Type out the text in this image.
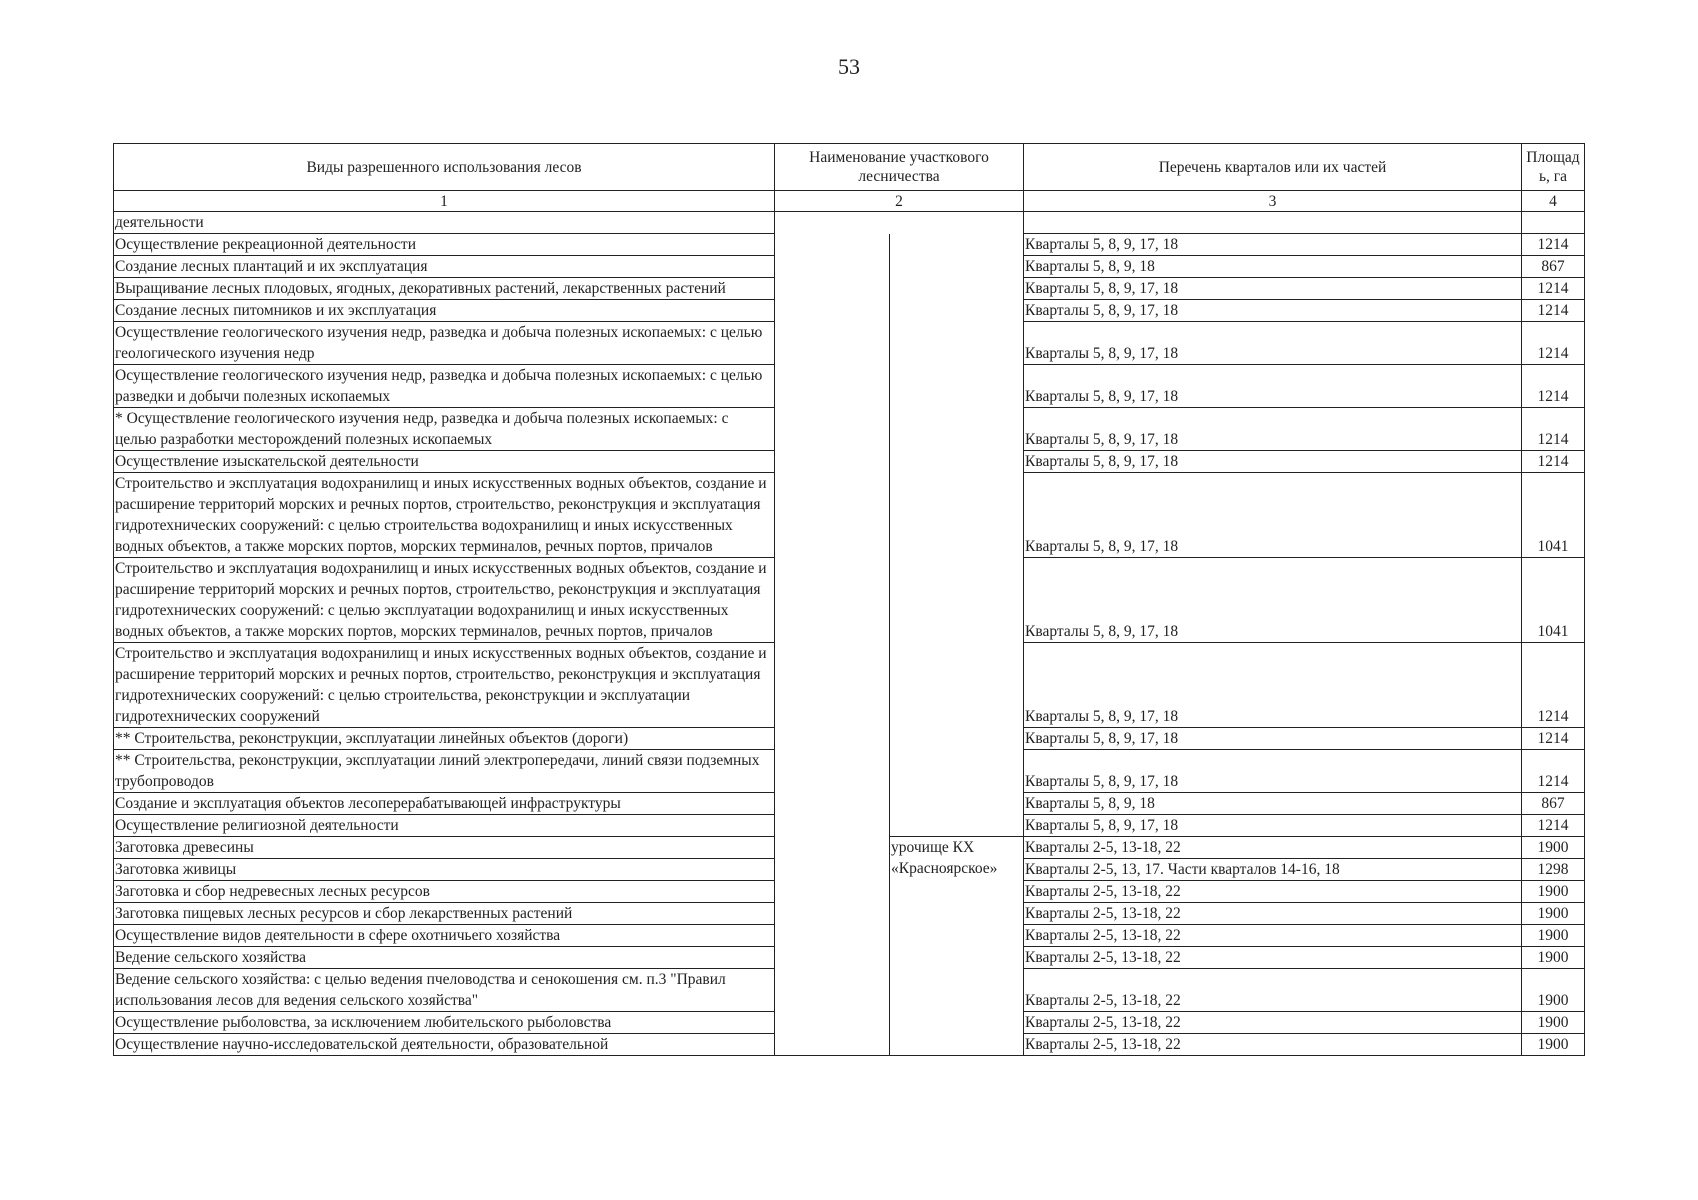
53
Виды разрешенного использования лесов	Наименование участкового лесничества		Перечень кварталов или их частей	Площад ь, га
1	2		3	4
деятельности				
Осуществление рекреационной деятельности			Кварталы 5, 8, 9, 17, 18	1214
Создание лесных плантаций и их эксплуатация			Кварталы 5, 8, 9, 18	867
Выращивание лесных плодовых, ягодных, декоративных растений, лекарственных растений			Кварталы 5, 8, 9, 17, 18	1214
Создание лесных питомников и их эксплуатация			Кварталы 5, 8, 9, 17, 18	1214
Осуществление геологического изучения недр, разведка и добыча полезных ископаемых: с целью геологического изучения недр			Кварталы 5, 8, 9, 17, 18	1214
Осуществление геологического изучения недр, разведка и добыча полезных ископаемых: с целью разведки и добычи полезных ископаемых			Кварталы 5, 8, 9, 17, 18	1214
* Осуществление геологического изучения недр, разведка и добыча полезных ископаемых: с целью разработки месторождений полезных ископаемых			Кварталы 5, 8, 9, 17, 18	1214
Осуществление изыскательской деятельности			Кварталы 5, 8, 9, 17, 18	1214
Строительство и эксплуатация водохранилищ и иных искусственных водных объектов, создание и расширение территорий морских и речных портов, строительство, реконструкция и эксплуатация гидротехнических сооружений: с целью строительства водохранилищ и иных искусственных водных объектов, а также морских портов, морских терминалов, речных портов, причалов			Кварталы 5, 8, 9, 17, 18	1041
Строительство и эксплуатация водохранилищ и иных искусственных водных объектов, создание и расширение территорий морских и речных портов, строительство, реконструкция и эксплуатация гидротехнических сооружений: с целью эксплуатации водохранилищ и иных искусственных водных объектов, а также морских портов, морских терминалов, речных портов, причалов			Кварталы 5, 8, 9, 17, 18	1041
Строительство и эксплуатация водохранилищ и иных искусственных водных объектов, создание и расширение территорий морских и речных портов, строительство, реконструкция и эксплуатация гидротехнических сооружений: с целью строительства, реконструкции и эксплуатации гидротехнических сооружений			Кварталы 5, 8, 9, 17, 18	1214
** Строительства, реконструкции, эксплуатации линейных объектов (дороги)			Кварталы 5, 8, 9, 17, 18	1214
** Строительства, реконструкции, эксплуатации линий электропередачи, линий связи подземных трубопроводов			Кварталы 5, 8, 9, 17, 18	1214
Создание и эксплуатация объектов лесоперерабатывающей инфраструктуры			Кварталы 5, 8, 9, 18	867
Осуществление религиозной деятельности			Кварталы 5, 8, 9, 17, 18	1214
Заготовка древесины		урочище КХ «Красноярское»	Кварталы 2-5, 13-18, 22	1900
Заготовка живицы			Кварталы 2-5, 13, 17. Части кварталов 14-16, 18	1298
Заготовка и сбор недревесных лесных ресурсов			Кварталы 2-5, 13-18, 22	1900
Заготовка пищевых лесных ресурсов и сбор лекарственных растений			Кварталы 2-5, 13-18, 22	1900
Осуществление видов деятельности в сфере охотничьего хозяйства			Кварталы 2-5, 13-18, 22	1900
Ведение сельского хозяйства			Кварталы 2-5, 13-18, 22	1900
Ведение сельского хозяйства: с целью ведения пчеловодства и сенокошения см. п.3 "Правил использования лесов для ведения сельского хозяйства"			Кварталы 2-5, 13-18, 22	1900
Осуществление рыболовства, за исключением любительского рыболовства			Кварталы 2-5, 13-18, 22	1900
Осуществление научно-исследовательской деятельности, образовательной			Кварталы 2-5, 13-18, 22	1900
